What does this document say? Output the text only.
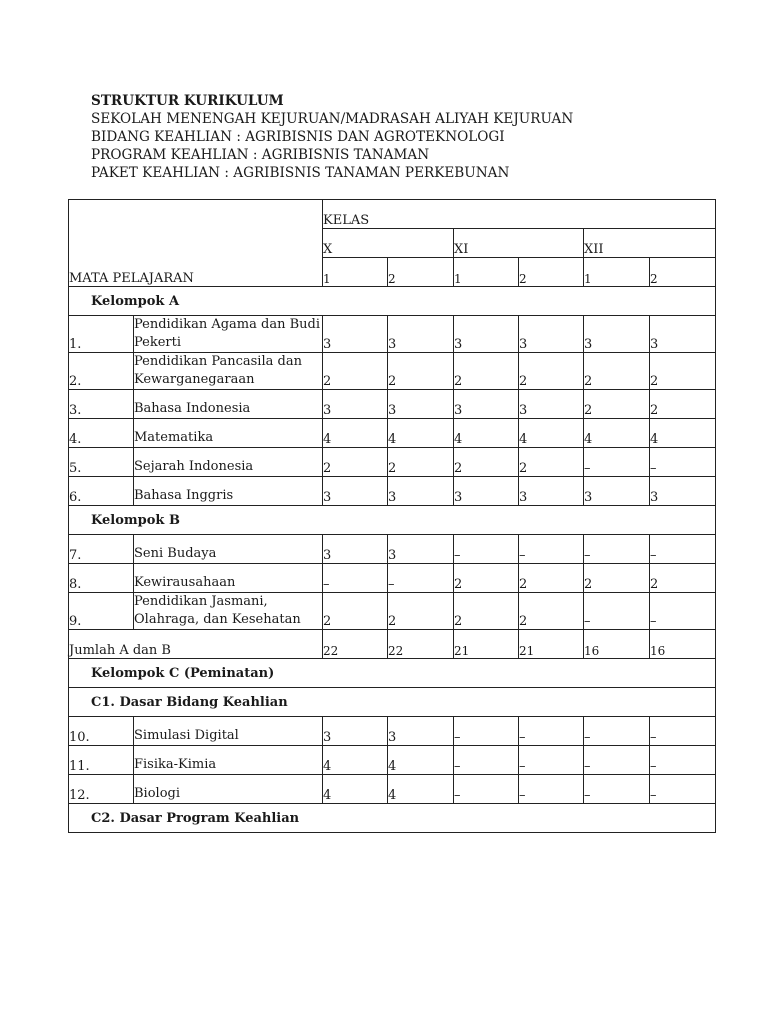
STRUKTUR KURIKULUM
SEKOLAH MENENGAH KEJURUAN/MADRASAH ALIYAH KEJURUAN
BIDANG KEAHLIAN : AGRIBISNIS DAN AGROTEKNOLOGI
PROGRAM KEAHLIAN : AGRIBISNIS TANAMAN
PAKET KEAHLIAN : AGRIBISNIS TANAMAN PERKEBUNAN
MATA PELAJARAN		KELAS					
		X		XI		XII	
		1	2	1	2	1	2
Kelompok A							
1.	Pendidikan Agama dan Budi Pekerti	3	3	3	3	3	3
2.	Pendidikan Pancasila dan Kewarganegaraan	2	2	2	2	2	2
3.	Bahasa Indonesia	3	3	3	3	2	2
4.	Matematika	4	4	4	4	4	4
5.	Sejarah Indonesia	2	2	2	2	–	–
6.	Bahasa Inggris	3	3	3	3	3	3
Kelompok B							
7.	Seni Budaya	3	3	–	–	–	–
8.	Kewirausahaan	–	–	2	2	2	2
9.	Pendidikan Jasmani, Olahraga, dan Kesehatan	2	2	2	2	–	–
Jumlah A dan B		22	22	21	21	16	16
Kelompok C (Peminatan)							
C1. Dasar Bidang Keahlian							
10.	Simulasi Digital	3	3	–	–	–	–
11.	Fisika-Kimia	4	4	–	–	–	–
12.	Biologi	4	4	–	–	–	–
C2. Dasar Program Keahlian							
